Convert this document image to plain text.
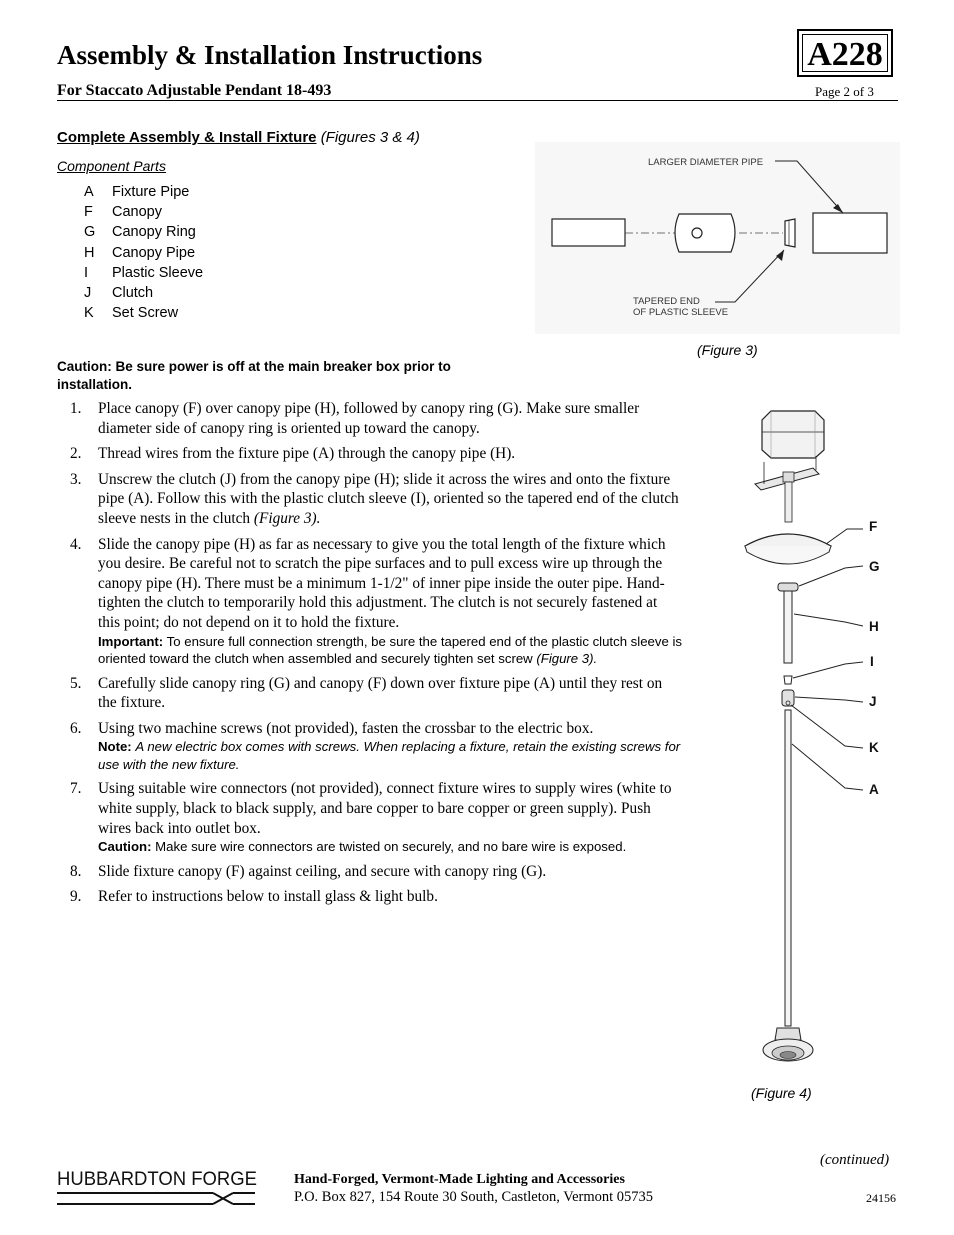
Assembly & Installation Instructions	A228
For Staccato Adjustable Pendant 18-493	Page 2 of 3
Complete Assembly & Install Fixture (Figures 3 & 4)
Component Parts
A Fixture Pipe
F Canopy
G Canopy Ring
H Canopy Pipe
I Plastic Sleeve
J Clutch
K Set Screw
LARGER DIAMETER PIPE
TAPERED END
OF PLASTIC SLEEVE
(Figure 3)
Caution: Be sure power is off at the main breaker box prior to installation.
1. Place canopy (F) over canopy pipe (H), followed by canopy ring (G). Make sure smaller diameter side of canopy ring is oriented up toward the canopy.
2. Thread wires from the fixture pipe (A) through the canopy pipe (H).
3. Unscrew the clutch (J) from the canopy pipe (H); slide it across the wires and onto the fixture pipe (A). Follow this with the plastic clutch sleeve (I), oriented so the tapered end of the clutch sleeve nests in the clutch (Figure 3).
4. Slide the canopy pipe (H) as far as necessary to give you the total length of the fixture which you desire. Be careful not to scratch the pipe surfaces and to pull excess wire up through the canopy pipe (H). There must be a minimum 1-1/2" of inner pipe inside the outer pipe. Hand-tighten the clutch to temporarily hold this adjustment. The clutch is not securely fastened at this point; do not depend on it to hold the fixture.
Important: To ensure full connection strength, be sure the tapered end of the plastic clutch sleeve is oriented toward the clutch when assembled and securely tighten set screw (Figure 3).
5. Carefully slide canopy ring (G) and canopy (F) down over fixture pipe (A) until they rest on the fixture.
6. Using two machine screws (not provided), fasten the crossbar to the electric box.
Note: A new electric box comes with screws. When replacing a fixture, retain the existing screws for use with the new fixture.
7. Using suitable wire connectors (not provided), connect fixture wires to supply wires (white to white supply, black to black supply, and bare copper to bare copper or green supply). Push wires back into outlet box.
Caution: Make sure wire connectors are twisted on securely, and no bare wire is exposed.
8. Slide fixture canopy (F) against ceiling, and secure with canopy ring (G).
9. Refer to instructions below to install glass & light bulb.
F
G
H
I
J
K
A
(Figure 4)
(continued)
HUBBARDTON FORGE	Hand-Forged, Vermont-Made Lighting and Accessories
P.O. Box 827, 154 Route 30 South, Castleton, Vermont 05735	24156
